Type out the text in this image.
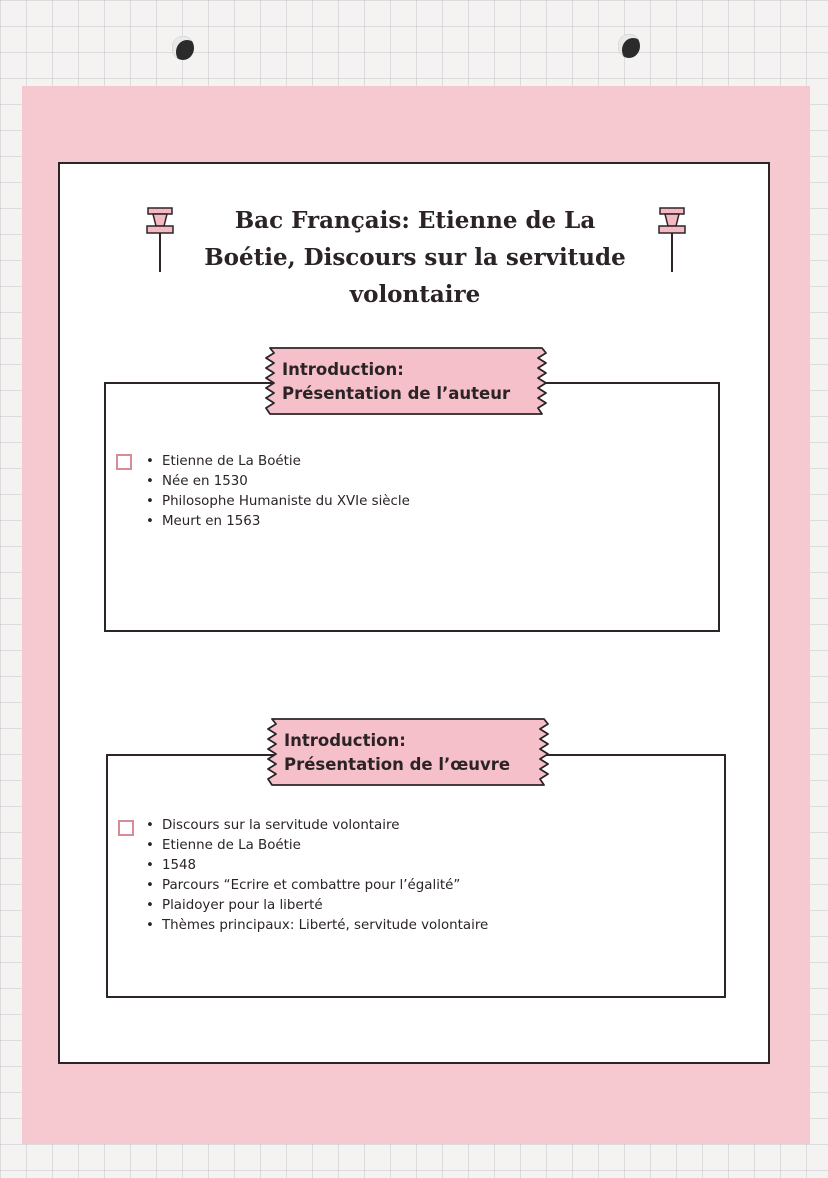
Bac Français: Etienne de La Boétie, Discours sur la servitude volontaire
Introduction:
Présentation de l’auteur
• Etienne de La Boétie
• Née en 1530
• Philosophe Humaniste du XVIe siècle
• Meurt en 1563
Introduction:
Présentation de l’œuvre
• Discours sur la servitude volontaire
• Etienne de La Boétie
• 1548
• Parcours “Ecrire et combattre pour l’égalité”
• Plaidoyer pour la liberté
• Thèmes principaux: Liberté, servitude volontaire
